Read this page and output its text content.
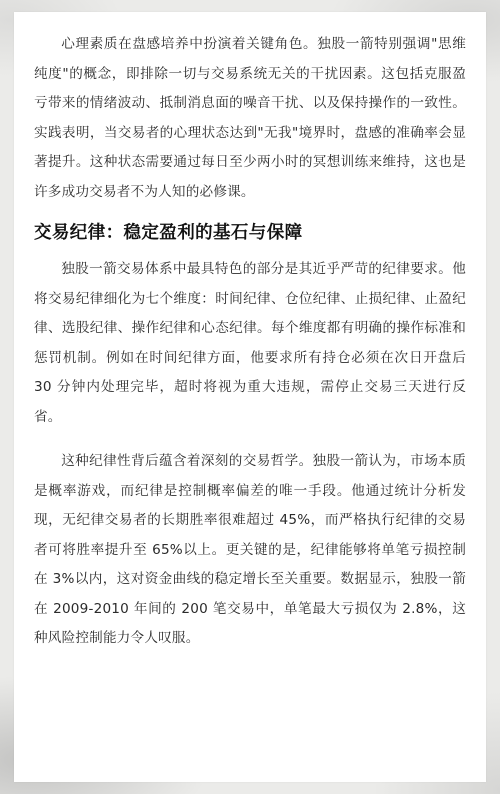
心理素质在盘感培养中扮演着关键角色。独股一箭特别强调"思维纯度"的概念，即排除一切与交易系统无关的干扰因素。这包括克服盈亏带来的情绪波动、抵制消息面的噪音干扰、以及保持操作的一致性。实践表明，当交易者的心理状态达到"无我"境界时，盘感的准确率会显著提升。这种状态需要通过每日至少两小时的冥想训练来维持，这也是许多成功交易者不为人知的必修课。

交易纪律：稳定盈利的基石与保障

独股一箭交易体系中最具特色的部分是其近乎严苛的纪律要求。他将交易纪律细化为七个维度：时间纪律、仓位纪律、止损纪律、止盈纪律、选股纪律、操作纪律和心态纪律。每个维度都有明确的操作标准和惩罚机制。例如在时间纪律方面，他要求所有持仓必须在次日开盘后 30 分钟内处理完毕，超时将视为重大违规，需停止交易三天进行反省。

这种纪律性背后蕴含着深刻的交易哲学。独股一箭认为，市场本质是概率游戏，而纪律是控制概率偏差的唯一手段。他通过统计分析发现，无纪律交易者的长期胜率很难超过 45%，而严格执行纪律的交易者可将胜率提升至 65%以上。更关键的是，纪律能够将单笔亏损控制在 3%以内，这对资金曲线的稳定增长至关重要。数据显示，独股一箭在 2009-2010 年间的 200 笔交易中，单笔最大亏损仅为 2.8%，这种风险控制能力令人叹服。
